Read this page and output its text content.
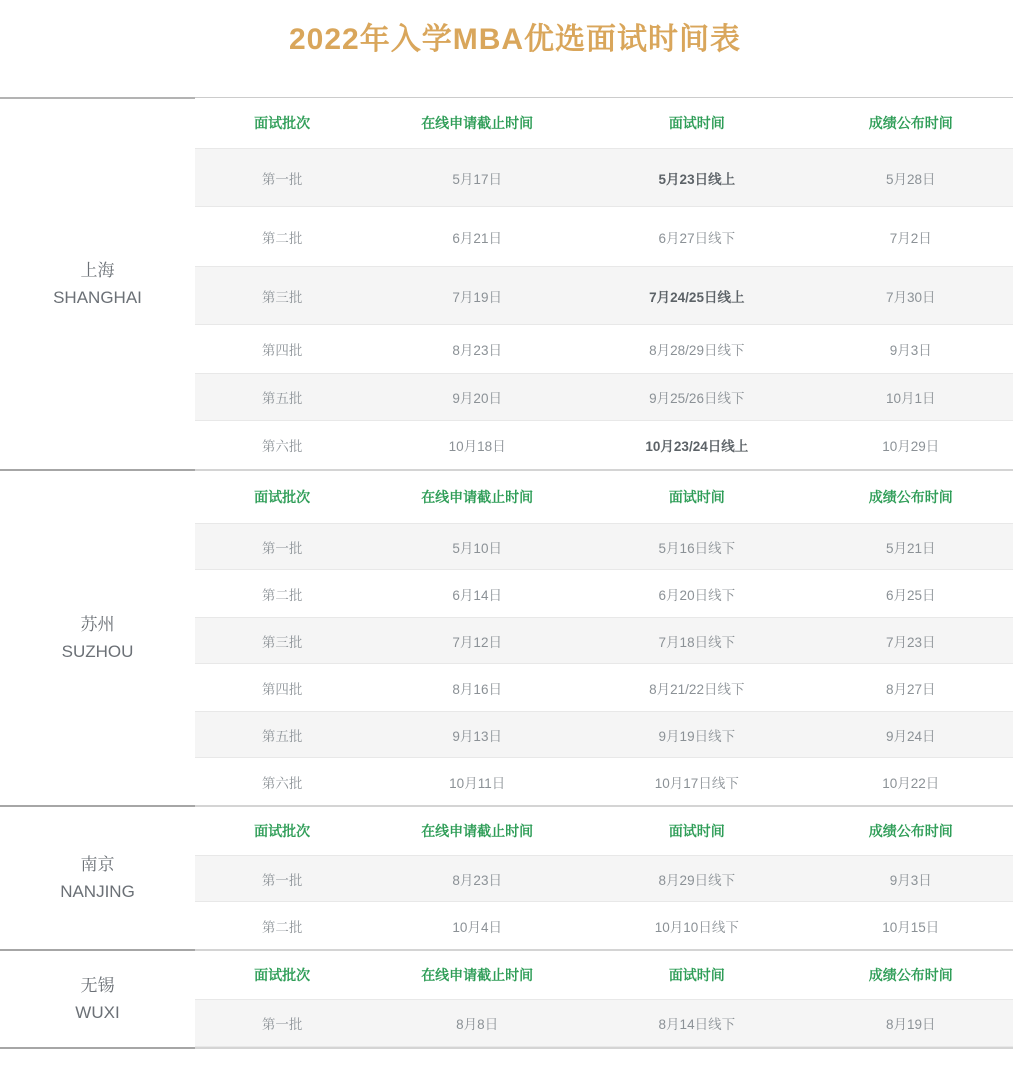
2022年入学MBA优选面试时间表
上海
SHANGHAI
面试批次	在线申请截止时间	面试时间	成绩公布时间
第一批	5月17日	5月23日线上	5月28日
第二批	6月21日	6月27日线下	7月2日
第三批	7月19日	7月24/25日线上	7月30日
第四批	8月23日	8月28/29日线下	9月3日
第五批	9月20日	9月25/26日线下	10月1日
第六批	10月18日	10月23/24日线上	10月29日
苏州
SUZHOU
面试批次	在线申请截止时间	面试时间	成绩公布时间
第一批	5月10日	5月16日线下	5月21日
第二批	6月14日	6月20日线下	6月25日
第三批	7月12日	7月18日线下	7月23日
第四批	8月16日	8月21/22日线下	8月27日
第五批	9月13日	9月19日线下	9月24日
第六批	10月11日	10月17日线下	10月22日
南京
NANJING
面试批次	在线申请截止时间	面试时间	成绩公布时间
第一批	8月23日	8月29日线下	9月3日
第二批	10月4日	10月10日线下	10月15日
无锡
WUXI
面试批次	在线申请截止时间	面试时间	成绩公布时间
第一批	8月8日	8月14日线下	8月19日
